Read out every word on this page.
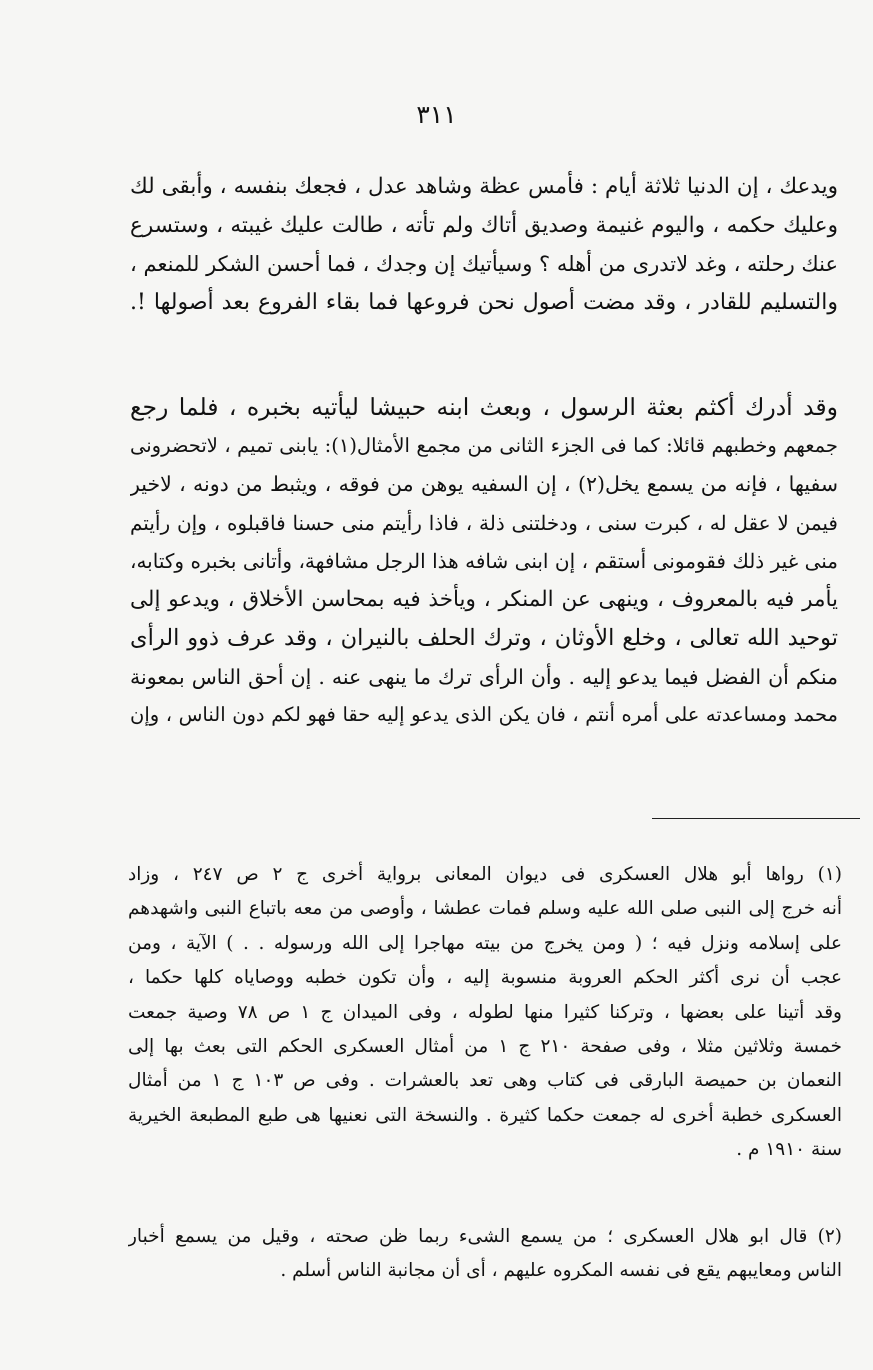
٣١١
ويدعك ، إن الدنيا ثلاثة أيام : فأمس عظة وشاهد عدل ، فجعك بنفسه ، وأبقى لك
وعليك حكمه ، واليوم غنيمة وصديق أتاك ولم تأته ، طالت عليك غيبته ، وستسرع
عنك رحلته ، وغد لاتدرى من أهله ؟ وسيأتيك إن وجدك ، فما أحسن الشكر للمنعم ،
والتسليم للقادر ، وقد مضت أصول نحن فروعها فما بقاء الفروع بعد أصولها !.
وقد أدرك أكثم بعثة الرسول ، وبعث ابنه حبيشا ليأتيه بخبره ، فلما رجع
جمعهم وخطبهم قائلا: كما فى الجزء الثانى من مجمع الأمثال(١): يابنى تميم ، لاتحضرونى
سفيها ، فإنه من يسمع يخل(٢) ، إن السفيه يوهن من فوقه ، ويثبط من دونه ، لاخير
فيمن لا عقل له ، كبرت سنى ، ودخلتنى ذلة ، فاذا رأيتم منى حسنا فاقبلوه ، وإن رأيتم
منى غير ذلك فقومونى أستقم ، إن ابنى شافه هذا الرجل مشافهة، وأتانى بخبره وكتابه،
يأمر فيه بالمعروف ، وينهى عن المنكر ، ويأخذ فيه بمحاسن الأخلاق ، ويدعو إلى
توحيد الله تعالى ، وخلع الأوثان ، وترك الحلف بالنيران ، وقد عرف ذوو الرأى
منكم أن الفضل فيما يدعو إليه . وأن الرأى ترك ما ينهى عنه . إن أحق الناس بمعونة
محمد ومساعدته على أمره أنتم ، فان يكن الذى يدعو إليه حقا فهو لكم دون الناس ، وإن
(١) رواها أبو هلال العسكرى فى ديوان المعانى برواية أخرى ج ٢ ص ٢٤٧ ، وزاد
أنه خرج إلى النبى صلى الله عليه وسلم فمات عطشا ، وأوصى من معه باتباع النبى واشهدهم
على إسلامه ونزل فيه ؛ ( ومن يخرج من بيته مهاجرا إلى الله ورسوله . . ) الآية ، ومن
عجب أن نرى أكثر الحكم العروبة منسوبة إليه ، وأن تكون خطبه ووصاياه كلها حكما ،
وقد أتينا على بعضها ، وتركنا كثيرا منها لطوله ، وفى الميدان ج ١ ص ٧٨ وصية جمعت
خمسة وثلاثين مثلا ، وفى صفحة ٢١٠ ج ١ من أمثال العسكرى الحكم التى بعث بها إلى
النعمان بن حميصة البارقى فى كتاب وهى تعد بالعشرات . وفى ص ١٠٣ ج ١ من أمثال
العسكرى خطبة أخرى له جمعت حكما كثيرة . والنسخة التى نعنيها هى طبع المطبعة الخيرية
سنة ١٩١٠ م .
(٢) قال ابو هلال العسكرى ؛ من يسمع الشىء ربما ظن صحته ، وقيل من يسمع أخبار
الناس ومعايبهم يقع فى نفسه المكروه عليهم ، أى أن مجانبة الناس أسلم .
